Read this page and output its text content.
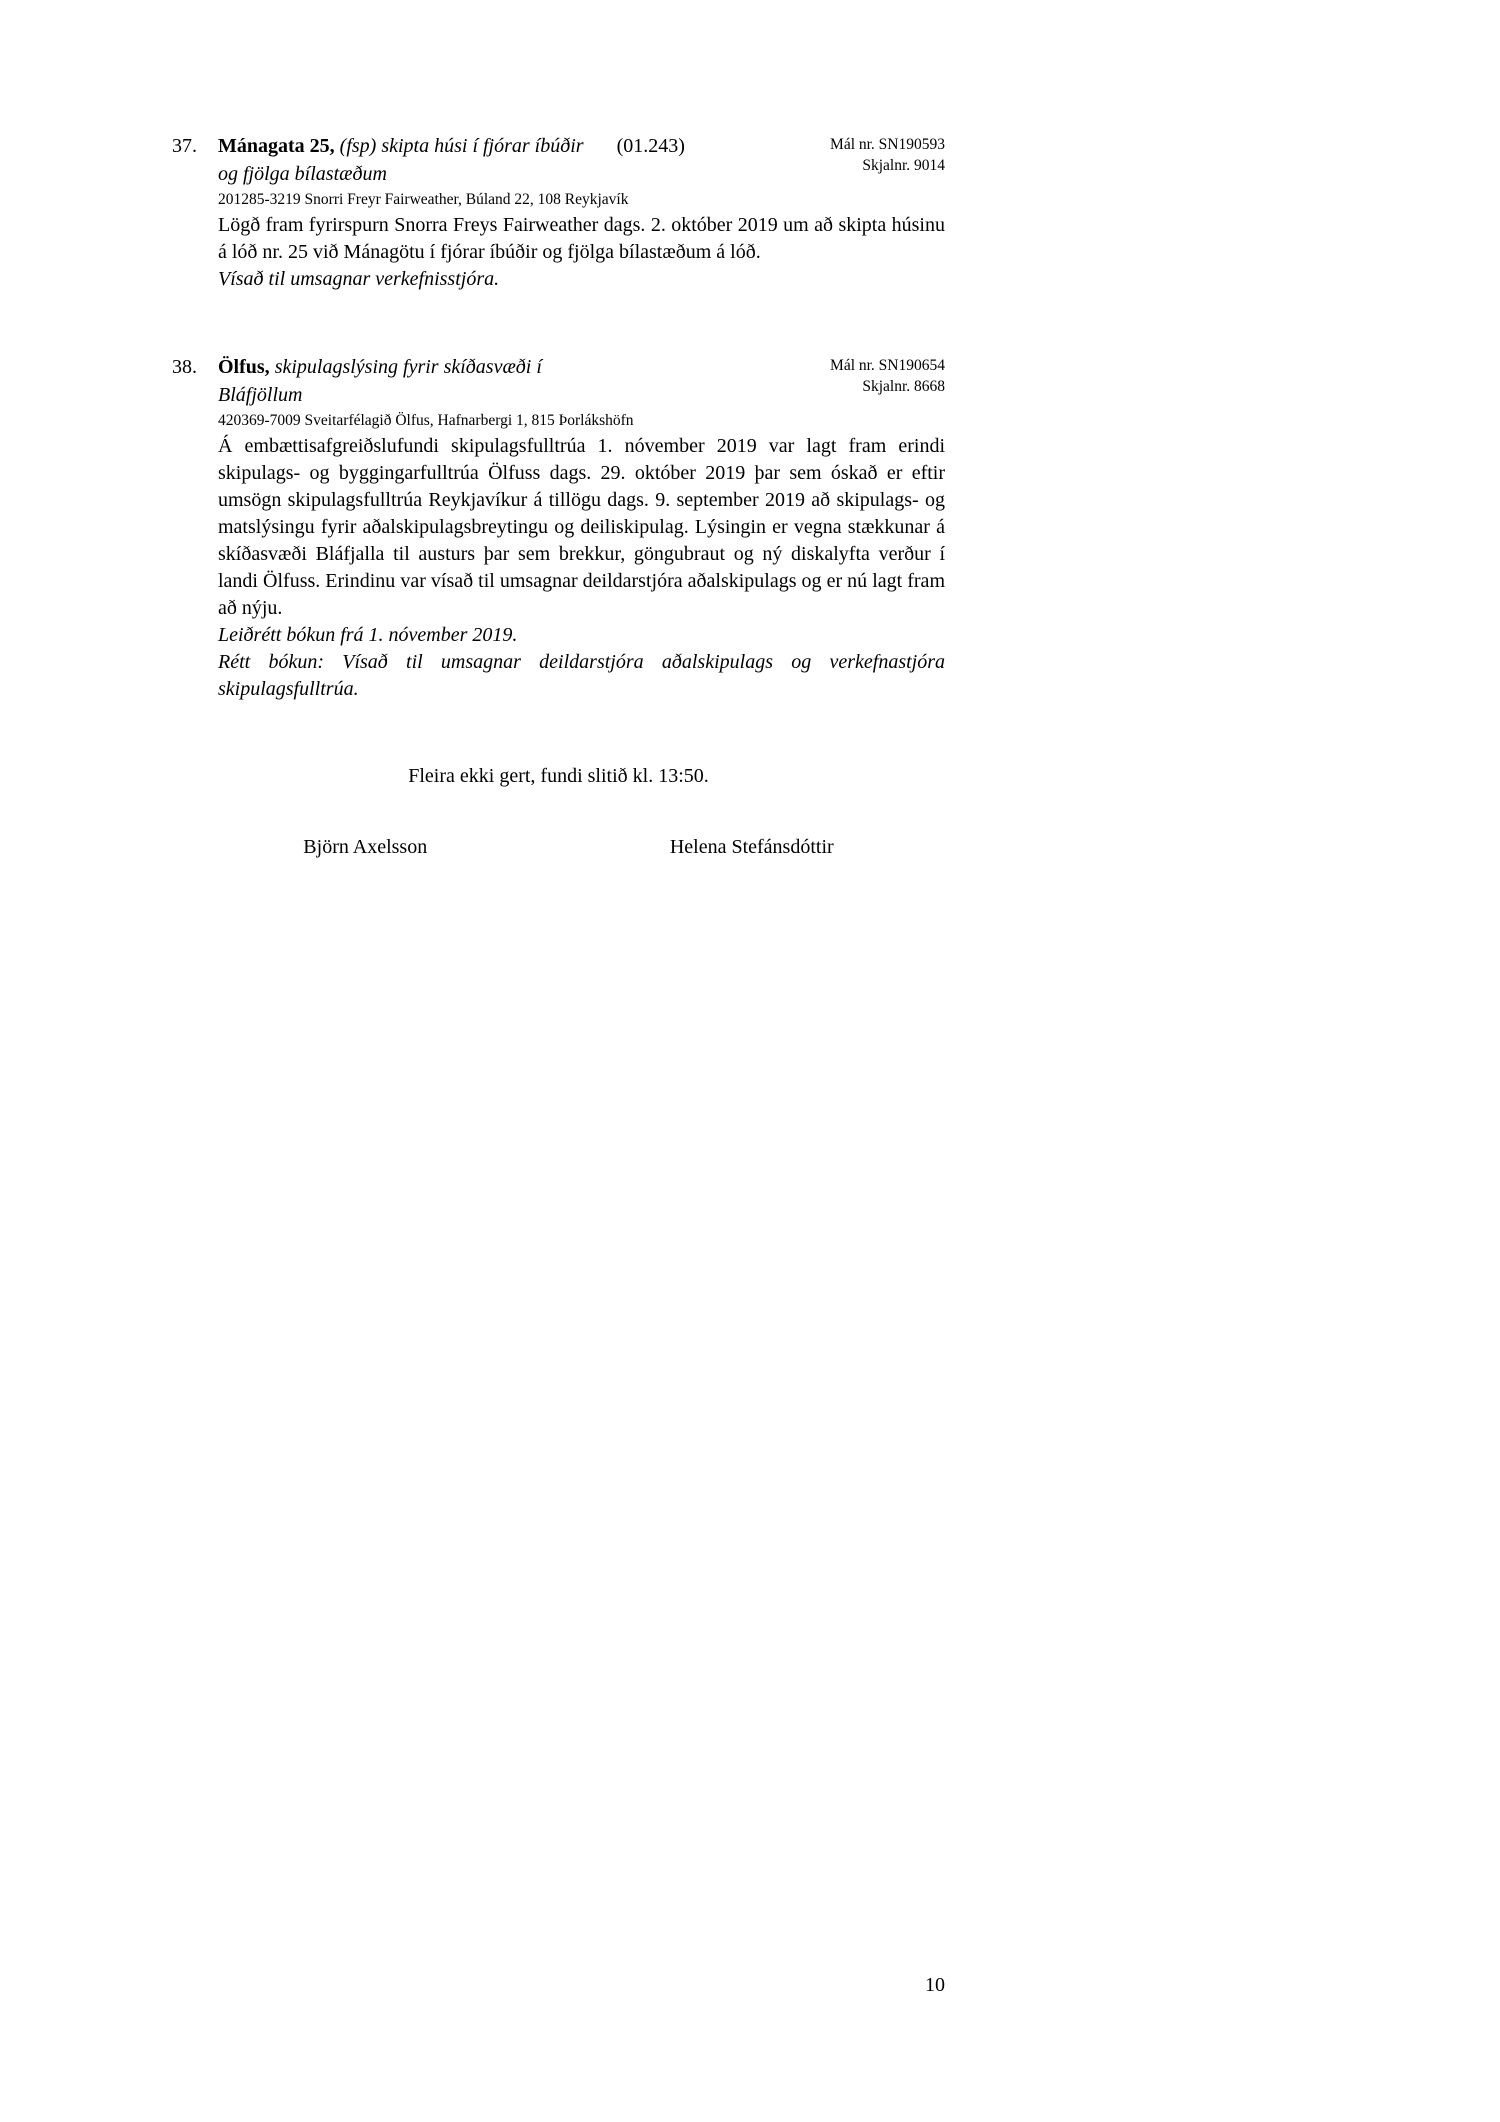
37.	Mál nr. SN190593
Skjalnr. 9014
Mánagata 25, (fsp) skipta húsi í fjórar íbúðir (01.243)
og fjölga bílastæðum
201285-3219 Snorri Freyr Fairweather, Búland 22, 108 Reykjavík
Lögð fram fyrirspurn Snorra Freys Fairweather dags. 2. október 2019 um að skipta húsinu á lóð nr. 25 við Mánagötu í fjórar íbúðir og fjölga bílastæðum á lóð.
Vísað til umsagnar verkefnisstjóra.
38.	Mál nr. SN190654
Skjalnr. 8668
Ölfus, skipulagslýsing fyrir skíðasvæði í
Bláfjöllum
420369-7009 Sveitarfélagið Ölfus, Hafnarbergi 1, 815 Þorlákshöfn
Á embættisafgreiðslufundi skipulagsfulltrúa 1. nóvember 2019 var lagt fram erindi skipulags- og byggingarfulltrúa Ölfuss dags. 29. október 2019 þar sem óskað er eftir umsögn skipulagsfulltrúa Reykjavíkur á tillögu dags. 9. september 2019 að skipulags- og matslýsingu fyrir aðalskipulagsbreytingu og deiliskipulag. Lýsingin er vegna stækkunar á skíðasvæði Bláfjalla til austurs þar sem brekkur, göngubraut og ný diskalyfta verður í landi Ölfuss. Erindinu var vísað til umsagnar deildarstjóra aðalskipulags og er nú lagt fram að nýju.
Leiðrétt bókun frá 1. nóvember 2019.
Rétt bókun: Vísað til umsagnar deildarstjóra aðalskipulags og verkefnastjóra skipulagsfulltrúa.
Fleira ekki gert, fundi slitið kl. 13:50.
Björn Axelsson	Helena Stefánsdóttir
10
